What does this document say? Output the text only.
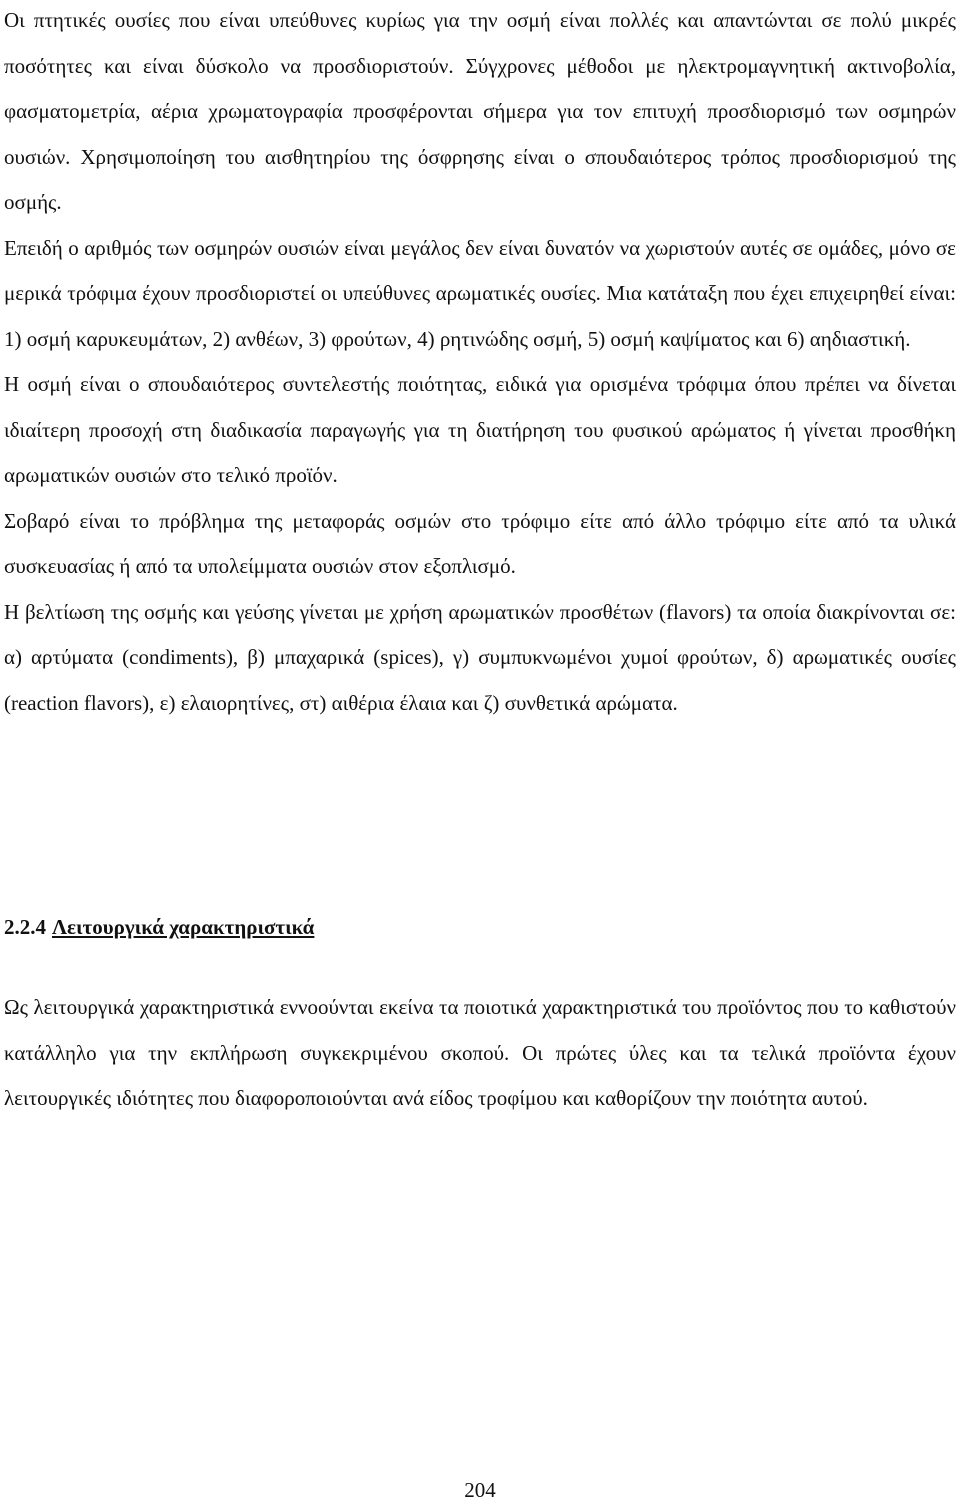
Οι πτητικές ουσίες που είναι υπεύθυνες κυρίως για την οσμή είναι πολλές και απαντώνται σε πολύ μικρές ποσότητες και είναι δύσκολο να προσδιοριστούν. Σύγχρονες μέθοδοι με ηλεκτρομαγνητική ακτινοβολία, φασματομετρία, αέρια χρωματογραφία προσφέρονται σήμερα για τον επιτυχή προσδιορισμό των οσμηρών ουσιών. Χρησιμοποίηση του αισθητηρίου της όσφρησης είναι ο σπουδαιότερος τρόπος προσδιορισμού της οσμής.

Επειδή ο αριθμός των οσμηρών ουσιών είναι μεγάλος δεν είναι δυνατόν να χωριστούν αυτές σε ομάδες, μόνο σε μερικά τρόφιμα έχουν προσδιοριστεί οι υπεύθυνες αρωματικές ουσίες. Μια κατάταξη που έχει επιχειρηθεί είναι: 1) οσμή καρυκευμάτων, 2) ανθέων, 3) φρούτων, 4) ρητινώδης οσμή, 5) οσμή καψίματος και 6) αηδιαστική.

Η οσμή είναι ο σπουδαιότερος συντελεστής ποιότητας, ειδικά για ορισμένα τρόφιμα όπου πρέπει να δίνεται ιδιαίτερη προσοχή στη διαδικασία παραγωγής για τη διατήρηση του φυσικού αρώματος ή γίνεται προσθήκη αρωματικών ουσιών στο τελικό προϊόν.

Σοβαρό είναι το πρόβλημα της μεταφοράς οσμών στο τρόφιμο είτε από άλλο τρόφιμο είτε από τα υλικά συσκευασίας ή από τα υπολείμματα ουσιών στον εξοπλισμό.

Η βελτίωση της οσμής και γεύσης γίνεται με χρήση αρωματικών προσθέτων (flavors) τα οποία διακρίνονται σε: α) αρτύματα (condiments), β) μπαχαρικά (spices), γ) συμπυκνωμένοι χυμοί φρούτων, δ) αρωματικές ουσίες (reaction flavors), ε) ελαιορητίνες, στ) αιθέρια έλαια και ζ) συνθετικά αρώματα.

2.2.4 Λειτουργικά χαρακτηριστικά

Ως λειτουργικά χαρακτηριστικά εννοούνται εκείνα τα ποιοτικά χαρακτηριστικά του προϊόντος που το καθιστούν κατάλληλο για την εκπλήρωση συγκεκριμένου σκοπού. Οι πρώτες ύλες και τα τελικά προϊόντα έχουν λειτουργικές ιδιότητες που διαφοροποιούνται ανά είδος τροφίμου και καθορίζουν την ποιότητα αυτού.

204
